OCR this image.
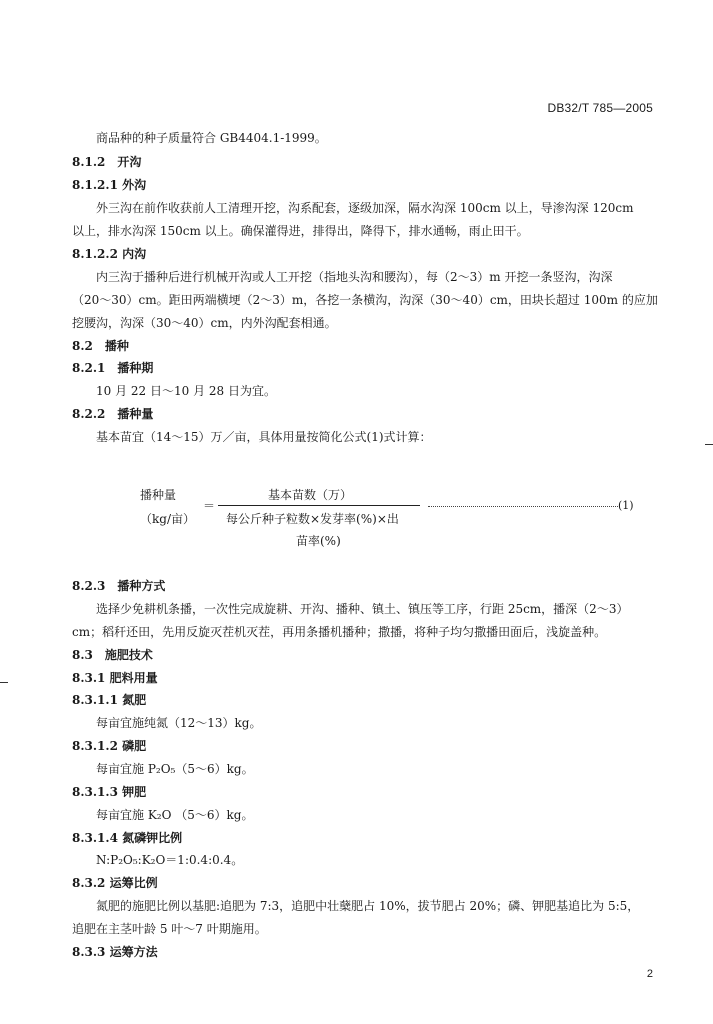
DB32/T 785—2005
商品种的种子质量符合 GB4404.1-1999。
8.1.2　开沟
8.1.2.1 外沟
外三沟在前作收获前人工清理开挖，沟系配套，逐级加深，隔水沟深 100cm 以上，导渗沟深 120cm
以上，排水沟深 150cm 以上。确保灌得进，排得出，降得下，排水通畅，雨止田干。
8.1.2.2 内沟
内三沟于播种后进行机械开沟或人工开挖（指地头沟和腰沟），每（2～3）m 开挖一条竖沟，沟深
（20～30）cm。距田两端横埂（2～3）m，各挖一条横沟，沟深（30～40）cm，田块长超过 100m 的应加
挖腰沟，沟深（30～40）cm，内外沟配套相通。
8.2　播种
8.2.1　播种期
10 月 22 日～10 月 28 日为宜。
8.2.2　播种量
基本苗宜（14～15）万／亩，具体用量按简化公式(1)式计算：
播种量
（kg/亩）
＝
基本苗数（万）
每公斤种子粒数×发芽率(%)×出
苗率(%)
(1)
8.2.3　播种方式
选择少免耕机条播，一次性完成旋耕、开沟、播种、镇土、镇压等工序，行距 25cm，播深（2～3）
cm；稻秆还田，先用反旋灭茬机灭茬，再用条播机播种；撒播，将种子均匀撒播田面后，浅旋盖种。
8.3　施肥技术
8.3.1 肥料用量
8.3.1.1 氮肥
每亩宜施纯氮（12～13）kg。
8.3.1.2 磷肥
每亩宜施 P₂O₅（5～6）kg。
8.3.1.3 钾肥
每亩宜施 K₂O （5～6）kg。
8.3.1.4 氮磷钾比例
N:P₂O₅:K₂O＝1:0.4:0.4。
8.3.2 运筹比例
氮肥的施肥比例以基肥:追肥为 7:3，追肥中壮蘖肥占 10%，拔节肥占 20%；磷、钾肥基追比为 5:5，
追肥在主茎叶龄 5 叶～7 叶期施用。
8.3.3 运筹方法
2
